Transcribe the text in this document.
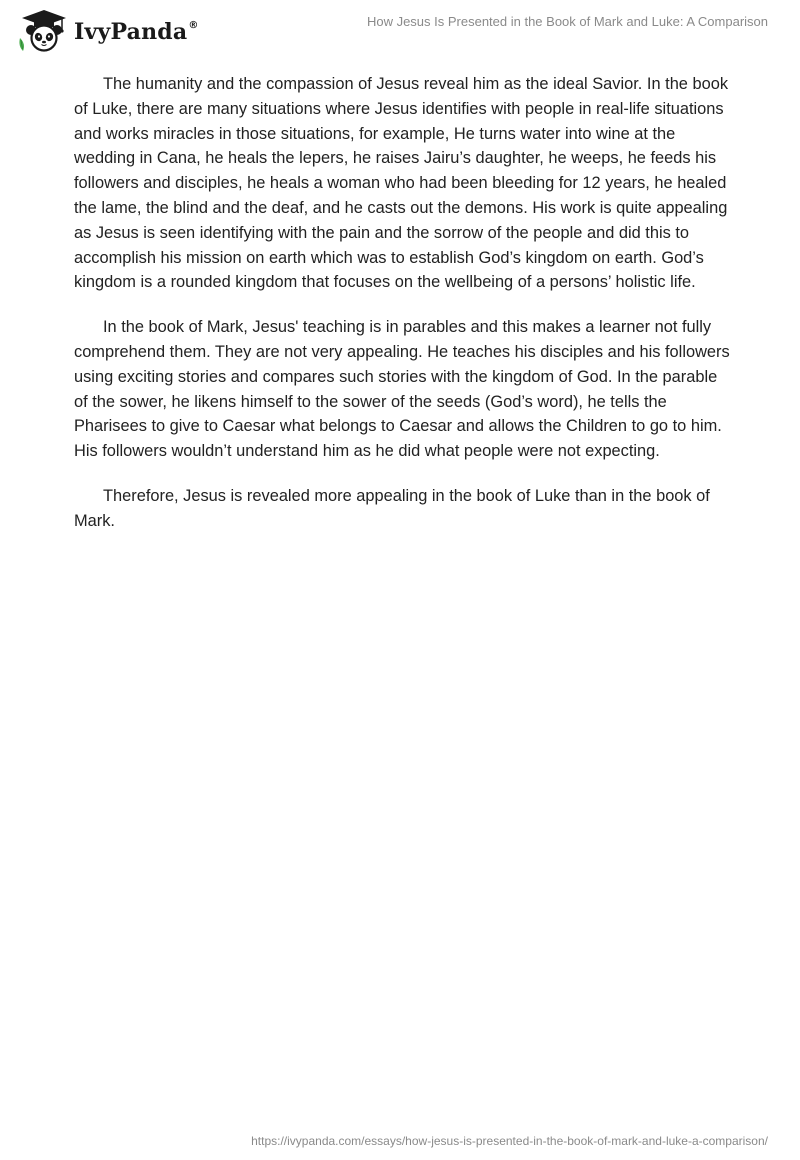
IvyPanda®	How Jesus Is Presented in the Book of Mark and Luke: A Comparison

The humanity and the compassion of Jesus reveal him as the ideal Savior. In the book of Luke, there are many situations where Jesus identifies with people in real-life situations and works miracles in those situations, for example, He turns water into wine at the wedding in Cana, he heals the lepers, he raises Jairu’s daughter, he weeps, he feeds his followers and disciples, he heals a woman who had been bleeding for 12 years, he healed the lame, the blind and the deaf, and he casts out the demons. His work is quite appealing as Jesus is seen identifying with the pain and the sorrow of the people and did this to accomplish his mission on earth which was to establish God’s kingdom on earth. God’s kingdom is a rounded kingdom that focuses on the wellbeing of a persons’ holistic life.

In the book of Mark, Jesus' teaching is in parables and this makes a learner not fully comprehend them. They are not very appealing. He teaches his disciples and his followers using exciting stories and compares such stories with the kingdom of God. In the parable of the sower, he likens himself to the sower of the seeds (God’s word), he tells the Pharisees to give to Caesar what belongs to Caesar and allows the Children to go to him. His followers wouldn’t understand him as he did what people were not expecting.

Therefore, Jesus is revealed more appealing in the book of Luke than in the book of Mark.

https://ivypanda.com/essays/how-jesus-is-presented-in-the-book-of-mark-and-luke-a-comparison/
